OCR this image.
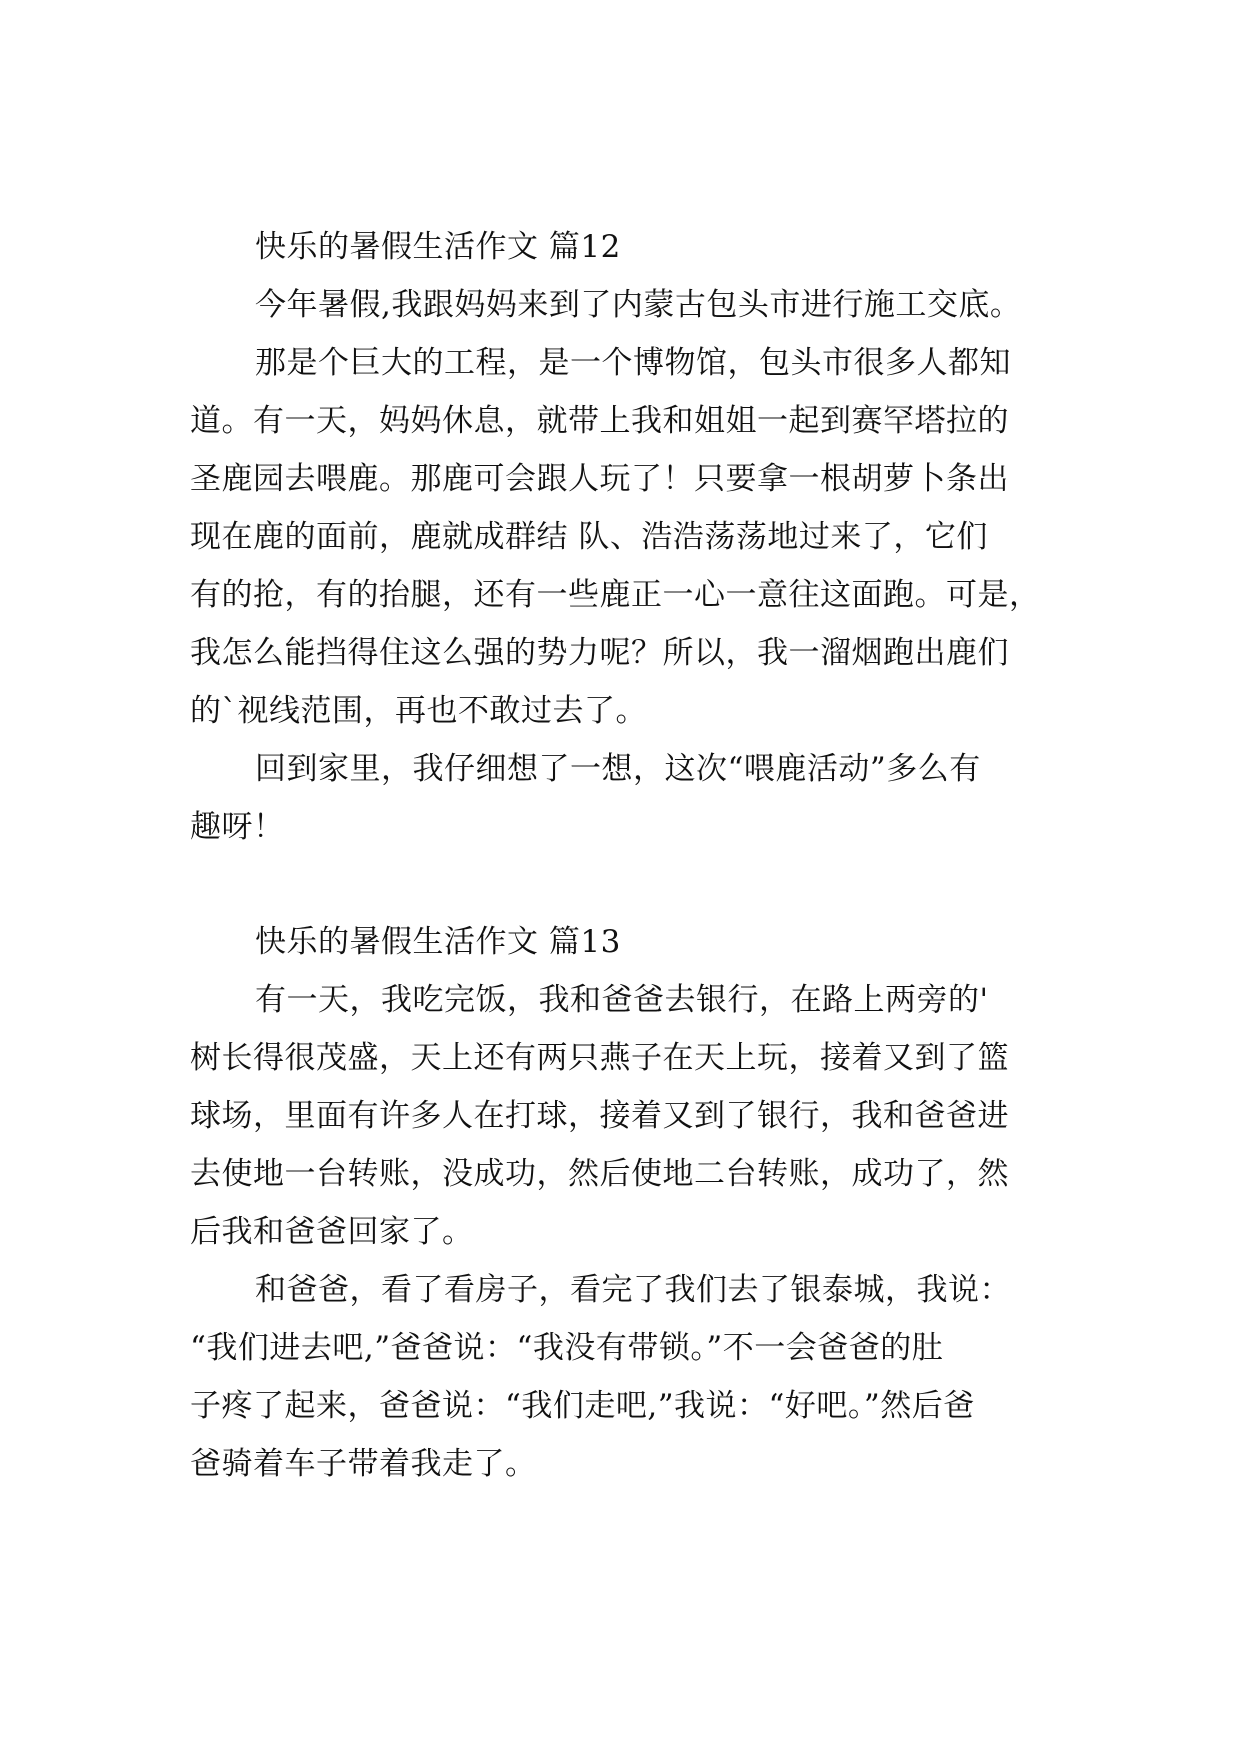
快乐的暑假生活作文 篇12
今年暑假,我跟妈妈来到了内蒙古包头市进行施工交底。
那是个巨大的工程，是一个博物馆，包头市很多人都知
道。有一天，妈妈休息，就带上我和姐姐一起到赛罕塔拉的
圣鹿园去喂鹿。那鹿可会跟人玩了！只要拿一根胡萝卜条出
现在鹿的面前，鹿就成群结 队、浩浩荡荡地过来了，它们
有的抢，有的抬腿，还有一些鹿正一心一意往这面跑。可是，
我怎么能挡得住这么强的势力呢？所以，我一溜烟跑出鹿们
的`视线范围，再也不敢过去了。
回到家里，我仔细想了一想，这次“喂鹿活动”多么有
趣呀！
快乐的暑假生活作文 篇13
有一天，我吃完饭，我和爸爸去银行，在路上两旁的'
树长得很茂盛，天上还有两只燕子在天上玩，接着又到了篮
球场，里面有许多人在打球，接着又到了银行，我和爸爸进
去使地一台转账，没成功，然后使地二台转账，成功了，然
后我和爸爸回家了。
和爸爸，看了看房子，看完了我们去了银泰城，我说：
“我们进去吧,”爸爸说：“我没有带锁。”不一会爸爸的肚
子疼了起来，爸爸说：“我们走吧,”我说：“好吧。”然后爸
爸骑着车子带着我走了。
